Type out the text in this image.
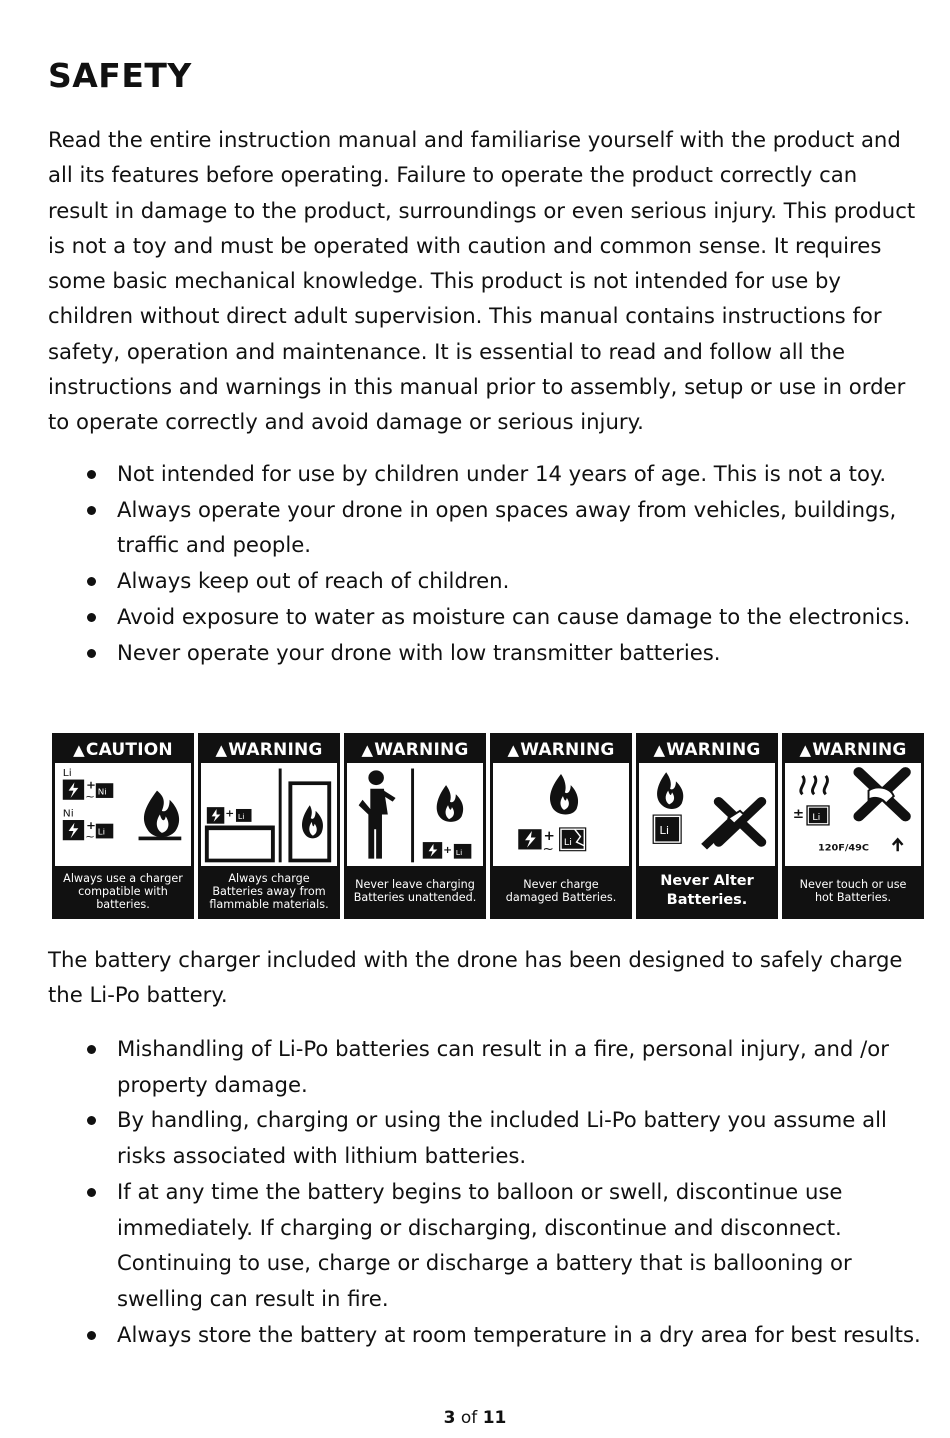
SAFETY

Read the entire instruction manual and familiarise yourself with the product and all its features before operating. Failure to operate the product correctly can result in damage to the product, surroundings or even serious injury. This product is not a toy and must be operated with caution and common sense. It requires some basic mechanical knowledge. This product is not intended for use by children without direct adult supervision. This manual contains instructions for safety, operation and maintenance. It is essential to read and follow all the instructions and warnings in this manual prior to assembly, setup or use in order to operate correctly and avoid damage or serious injury.

Not intended for use by children under 14 years of age. This is not a toy.
Always operate your drone in open spaces away from vehicles, buildings, traffic and people.
Always keep out of reach of children.
Avoid exposure to water as moisture can cause damage to the electronics.
Never operate your drone with low transmitter batteries.
▲ CAUTION
Li
+
~ Ni
Ni
+
~ Li
Always use a charger compatible with batteries.
▲ WARNING
+ Li
Always charge Batteries away from flammable materials.
▲ WARNING
+ Li
Never leave charging Batteries unattended.
▲ WARNING
+
~
Li
Never charge damaged Batteries.
▲ WARNING
Li
Never Alter Batteries.
▲ WARNING
± Li
120F/49C
Never touch or use hot Batteries.

The battery charger included with the drone has been designed to safely charge the Li-Po battery.

Mishandling of Li-Po batteries can result in a fire, personal injury, and /or property damage.
By handling, charging or using the included Li-Po battery you assume all risks associated with lithium batteries.
If at any time the battery begins to balloon or swell, discontinue use immediately. If charging or discharging, discontinue and disconnect. Continuing to use, charge or discharge a battery that is ballooning or swelling can result in fire.
Always store the battery at room temperature in a dry area for best results.
3 of 11
